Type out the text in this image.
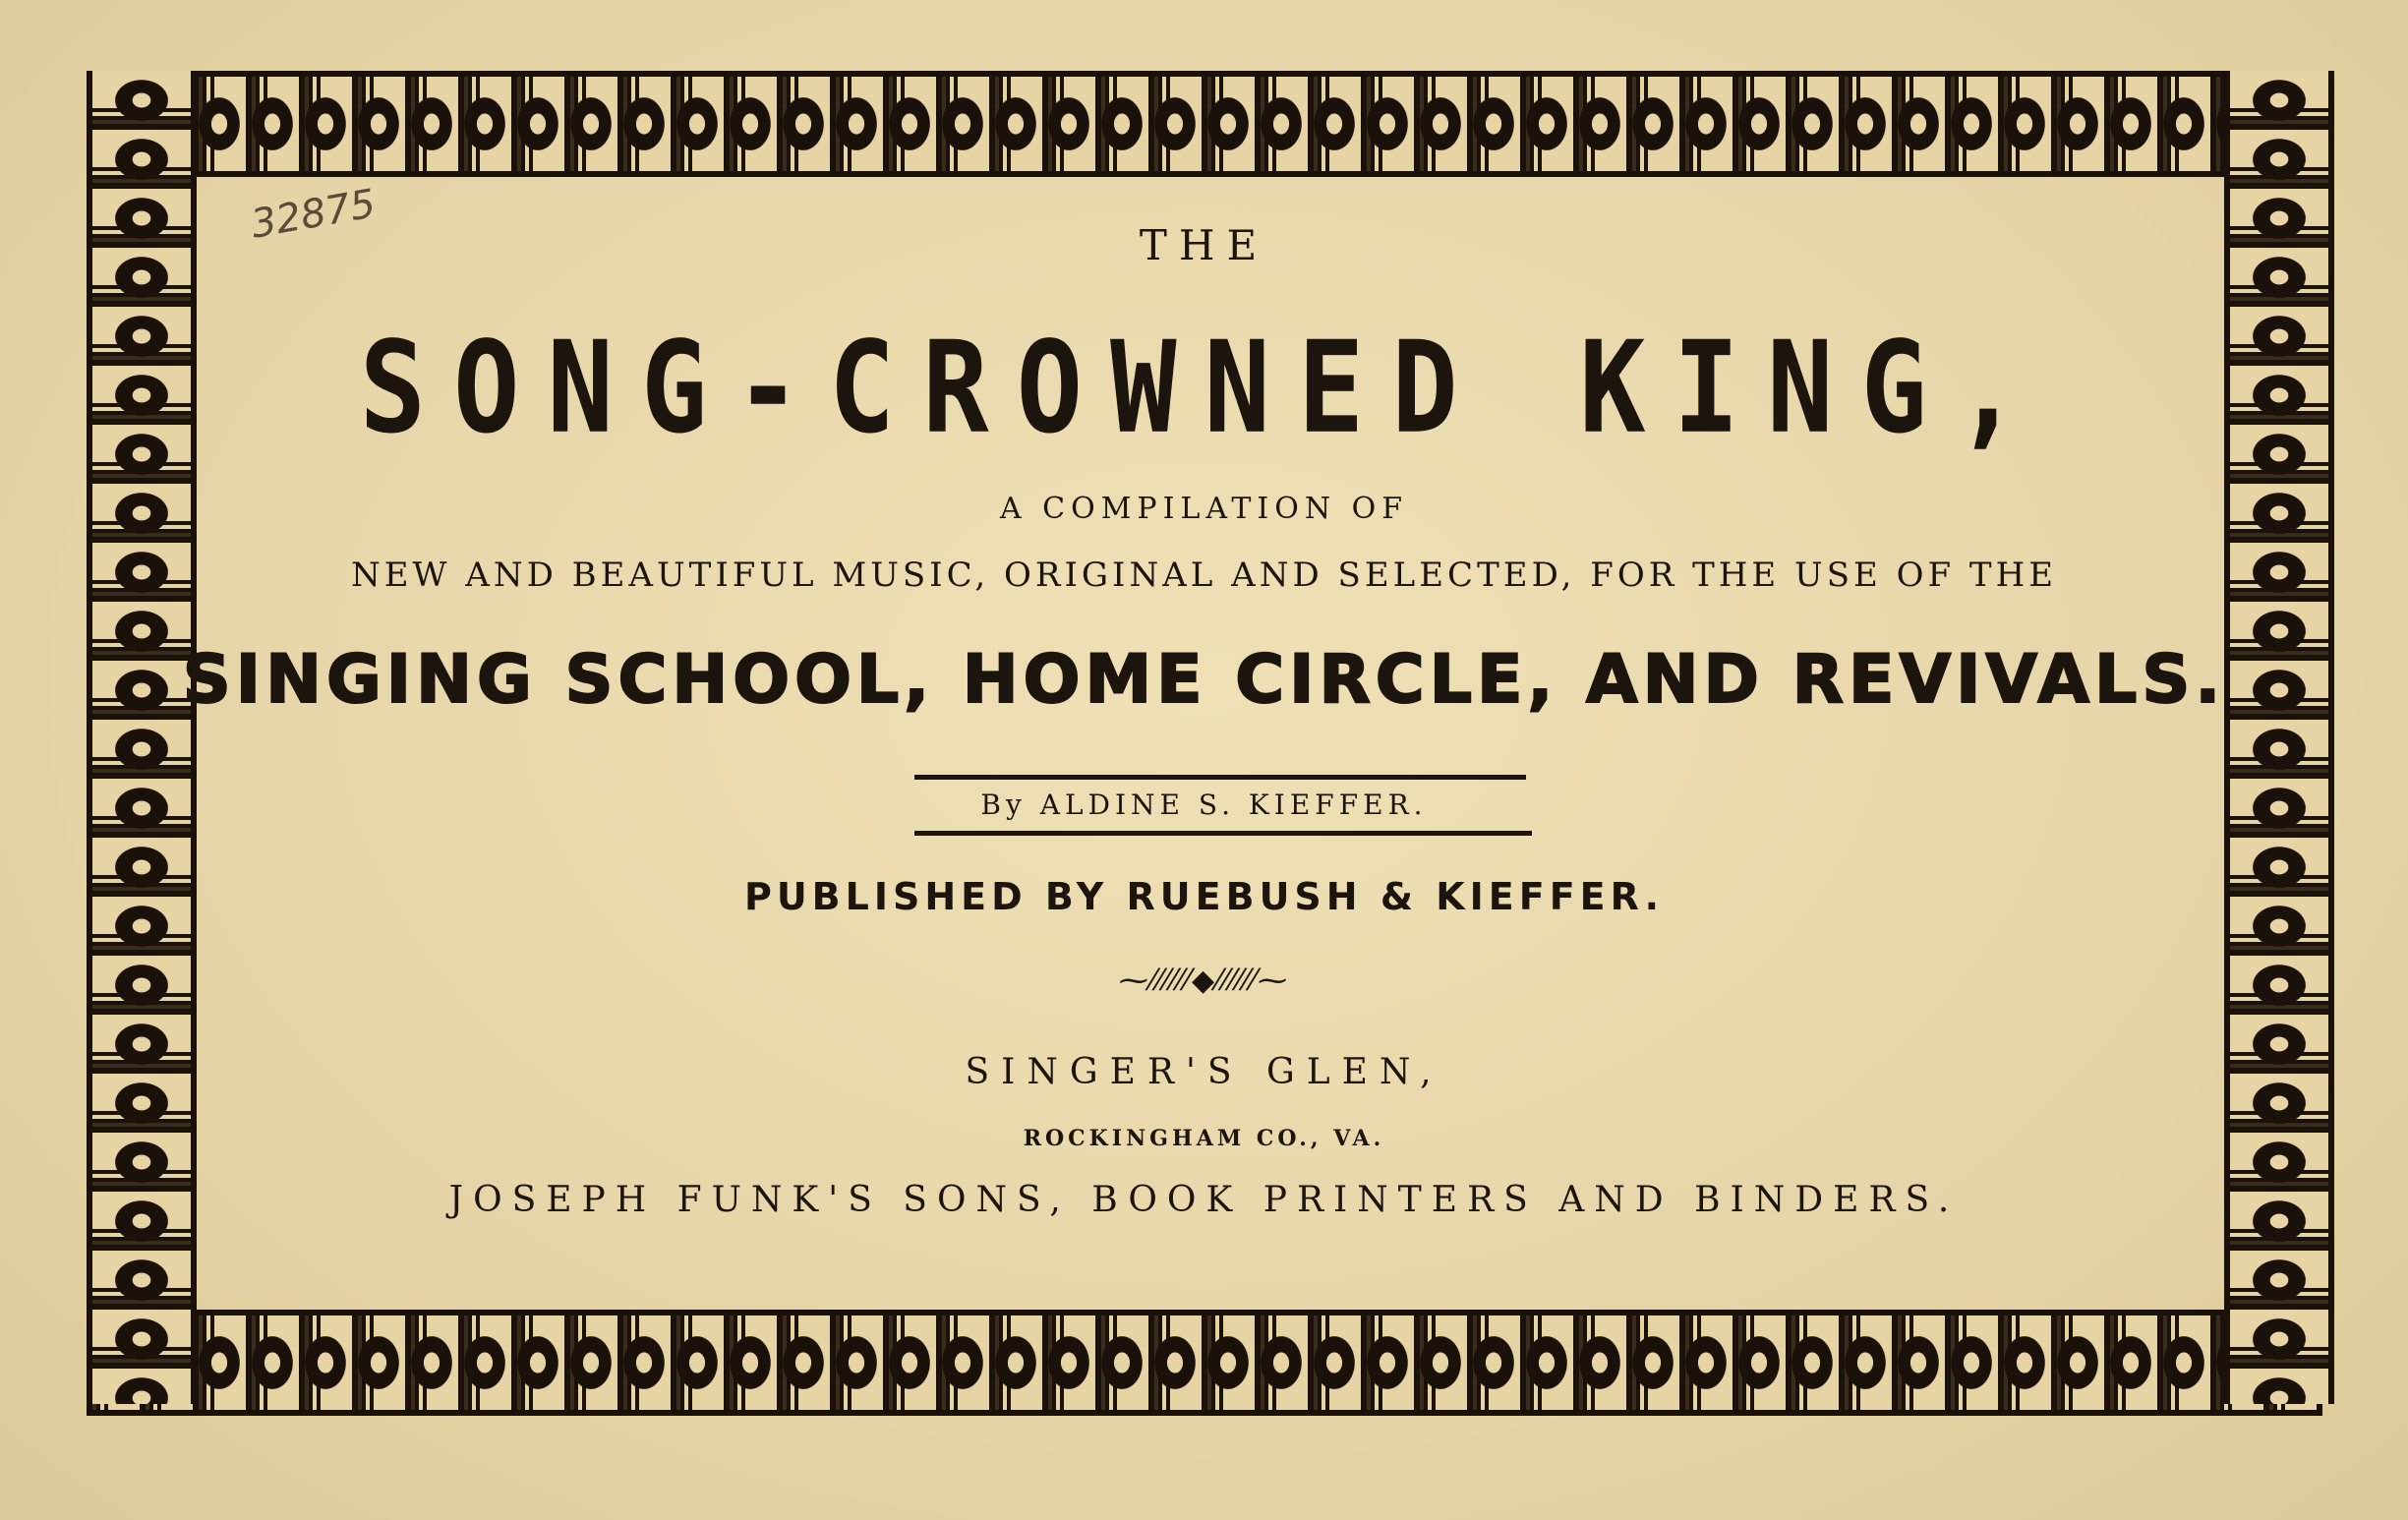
32875	THE
SONG-CROWNED KING,
A COMPILATION OF
NEW AND BEAUTIFUL MUSIC, ORIGINAL AND SELECTED, FOR THE USE OF THE
SINGING SCHOOL, HOME CIRCLE, AND REVIVALS.
By ALDINE S. KIEFFER.
PUBLISHED BY RUEBUSH & KIEFFER.
⁓⁄⁄⁄⁄⁄⁄◆⁄⁄⁄⁄⁄⁄⁓
SINGER'S GLEN,
ROCKINGHAM CO., VA.
JOSEPH FUNK'S SONS, BOOK PRINTERS AND BINDERS.
